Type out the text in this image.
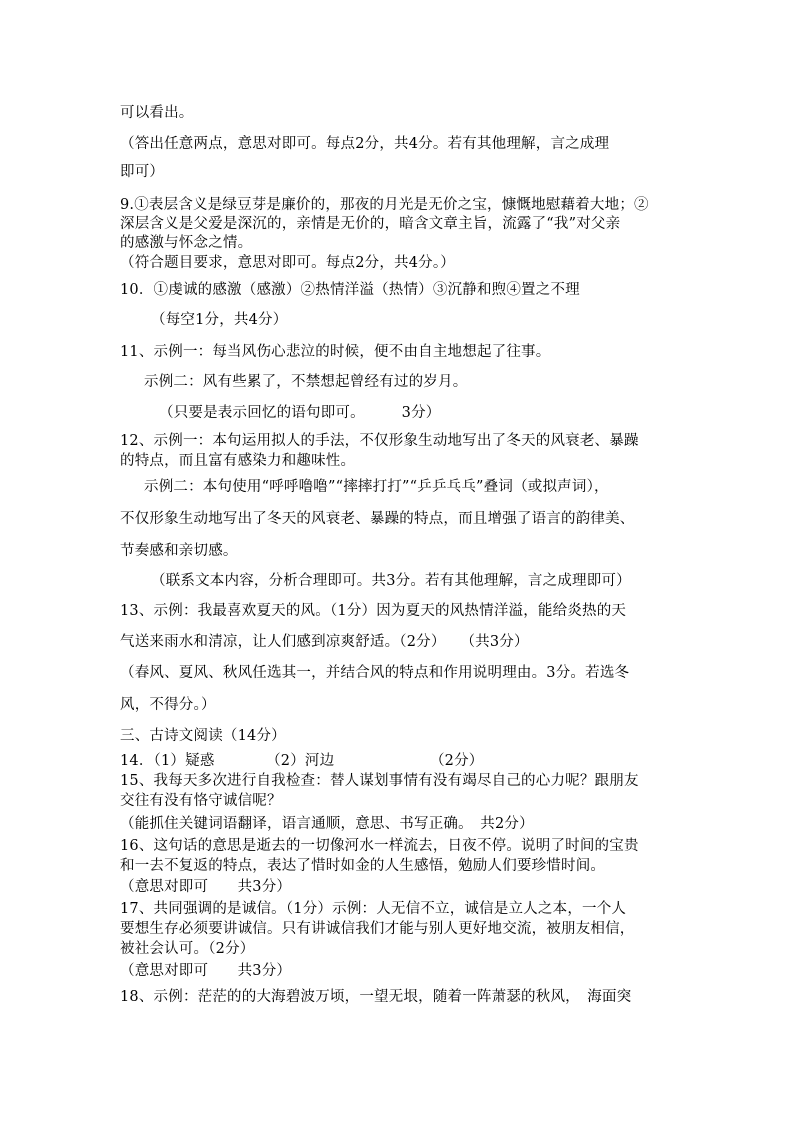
可以看出。
（答出任意两点，意思对即可。每点2分，共4分。若有其他理解，言之成理
即可）
9.①表层含义是绿豆芽是廉价的，那夜的月光是无价之宝，慷慨地慰藉着大地；②
深层含义是父爱是深沉的，亲情是无价的，暗含文章主旨，流露了“我”对父亲
的感激与怀念之情。
（符合题目要求，意思对即可。每点2分，共4分。）
10．①虔诚的感激（感激）②热情洋溢（热情）③沉静和煦④置之不理
（每空1分，共4分）
11、示例一：每当风伤心悲泣的时候，便不由自主地想起了往事。
示例二：风有些累了，不禁想起曾经有过的岁月。
（只要是表示回忆的语句即可。　　　3分）
12、示例一：本句运用拟人的手法，不仅形象生动地写出了冬天的风衰老、暴躁
的特点，而且富有感染力和趣味性。
示例二：本句使用“呼呼噜噜”“摔摔打打”“乒乒乓乓”叠词（或拟声词），
不仅形象生动地写出了冬天的风衰老、暴躁的特点，而且增强了语言的韵律美、
节奏感和亲切感。
（联系文本内容，分析合理即可。共3分。若有其他理解，言之成理即可）
13、示例：我最喜欢夏天的风。（1分）因为夏天的风热情洋溢，能给炎热的天
气送来雨水和清凉，让人们感到凉爽舒适。（2分）　　（共3分）
（春风、夏风、秋风任选其一，并结合风的特点和作用说明理由。3分。若选冬
风，不得分。）
三、古诗文阅读（14分）
14．（1）疑惑　　　　（2）河边　　　　　　　（2分）
15、我每天多次进行自我检查：替人谋划事情有没有竭尽自己的心力呢？跟朋友
交往有没有恪守诚信呢？
（能抓住关键词语翻译，语言通顺，意思、书写正确。　共2分）
16、这句话的意思是逝去的一切像河水一样流去，日夜不停。说明了时间的宝贵
和一去不复返的特点，表达了惜时如金的人生感悟，勉励人们要珍惜时间。
（意思对即可　　共3分）
17、共同强调的是诚信。（1分）示例：人无信不立，诚信是立人之本，一个人
要想生存必须要讲诚信。只有讲诚信我们才能与别人更好地交流，被朋友相信，
被社会认可。（2分）
（意思对即可　　共3分）
18、示例：茫茫的的大海碧波万顷，一望无垠，随着一阵萧瑟的秋风，　海面突
